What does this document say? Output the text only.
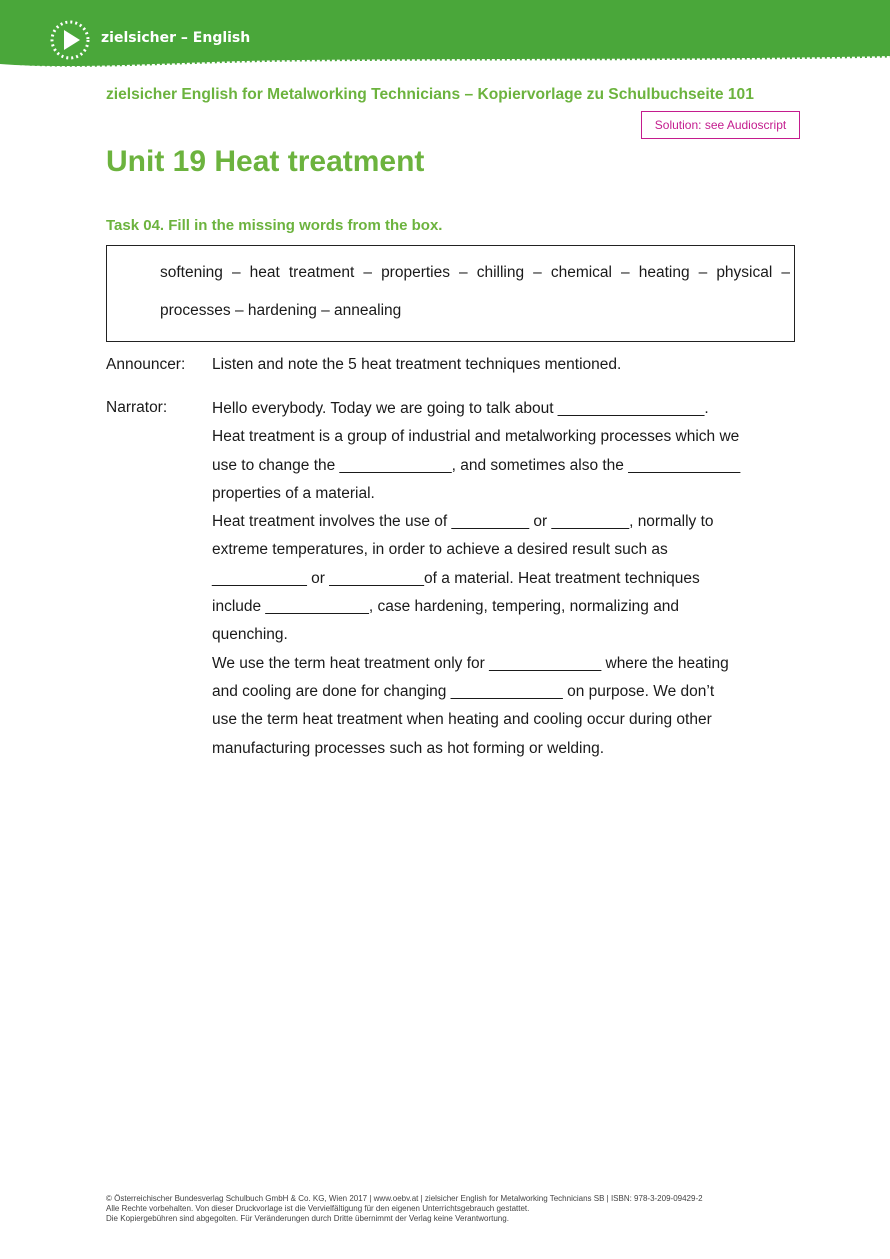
zielsicher – English
zielsicher English for Metalworking Technicians – Kopiervorlage zu Schulbuchseite 101
Solution: see Audioscript
Unit 19 Heat treatment
Task 04. Fill in the missing words from the box.
softening – heat treatment – properties – chilling – chemical – heating – physical –
processes – hardening – annealing
Announcer: Listen and note the 5 heat treatment techniques mentioned.
Narrator:	Hello everybody. Today we are going to talk about _________________.
Heat treatment is a group of industrial and metalworking processes which we
use to change the _____________, and sometimes also the _____________
properties of a material.
Heat treatment involves the use of _________ or _________, normally to
extreme temperatures, in order to achieve a desired result such as
___________ or ___________of a material. Heat treatment techniques
include ____________, case hardening, tempering, normalizing and
quenching.
We use the term heat treatment only for _____________ where the heating
and cooling are done for changing _____________ on purpose. We don’t
use the term heat treatment when heating and cooling occur during other
manufacturing processes such as hot forming or welding.
© Österreichischer Bundesverlag Schulbuch GmbH & Co. KG, Wien 2017 | www.oebv.at | zielsicher English for Metalworking Technicians SB | ISBN: 978-3-209-09429-2
Alle Rechte vorbehalten. Von dieser Druckvorlage ist die Vervielfältigung für den eigenen Unterrichtsgebrauch gestattet.
Die Kopiergebühren sind abgegolten. Für Veränderungen durch Dritte übernimmt der Verlag keine Verantwortung.
